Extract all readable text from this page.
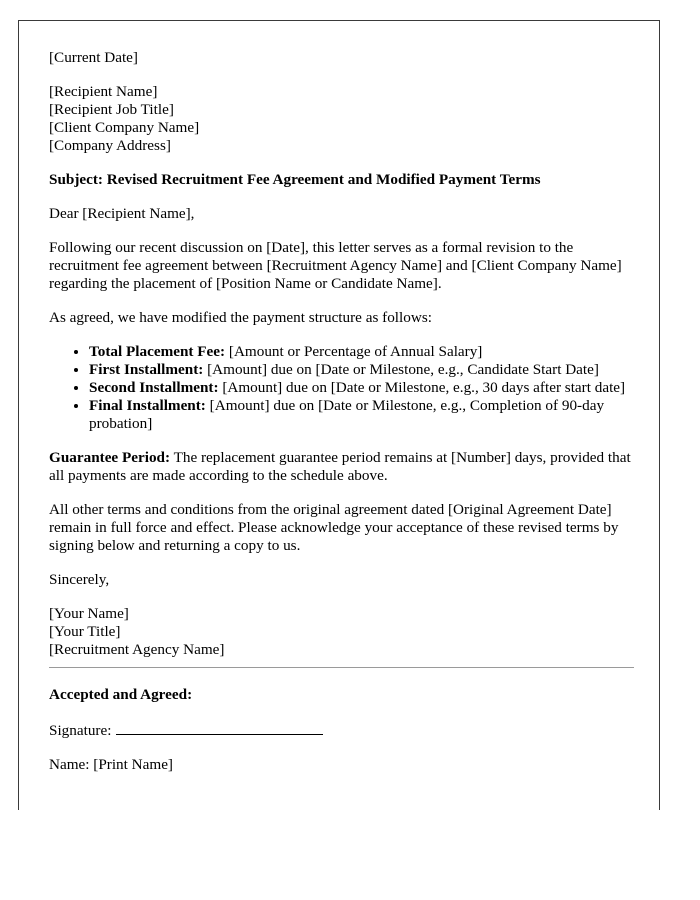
[Current Date]
[Recipient Name]
[Recipient Job Title]
[Client Company Name]
[Company Address]

Subject: Revised Recruitment Fee Agreement and Modified Payment Terms

Dear [Recipient Name],

Following our recent discussion on [Date], this letter serves as a formal revision to the recruitment fee agreement between [Recruitment Agency Name] and [Client Company Name] regarding the placement of [Position Name or Candidate Name].

As agreed, we have modified the payment structure as follows:

• Total Placement Fee: [Amount or Percentage of Annual Salary]
• First Installment: [Amount] due on [Date or Milestone, e.g., Candidate Start Date]
• Second Installment: [Amount] due on [Date or Milestone, e.g., 30 days after start date]
• Final Installment: [Amount] due on [Date or Milestone, e.g., Completion of 90-day probation]

Guarantee Period: The replacement guarantee period remains at [Number] days, provided that all payments are made according to the schedule above.

All other terms and conditions from the original agreement dated [Original Agreement Date] remain in full force and effect. Please acknowledge your acceptance of these revised terms by signing below and returning a copy to us.

Sincerely,

[Your Name]
[Your Title]
[Recruitment Agency Name]

Accepted and Agreed:

Signature:

Name: [Print Name]
